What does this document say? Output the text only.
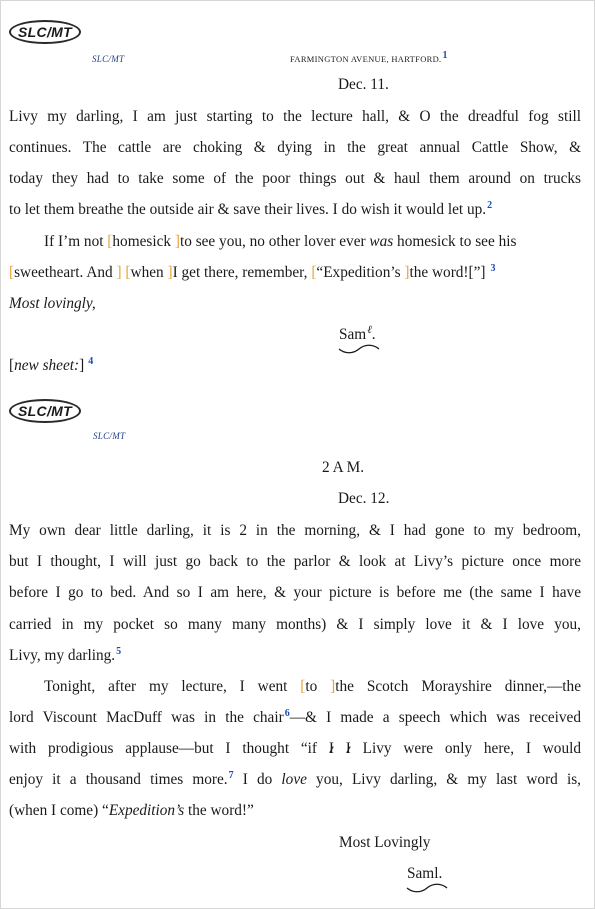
SLC/MT
SLC/MT	FARMINGTON AVENUE, HARTFORD.1
Dec. 11.
Livy my darling, I am just starting to the lecture hall, & O the dreadful fog still
continues. The cattle are choking & dying in the great annual Cattle Show, &
today they had to take some of the poor things out & haul them around on trucks
to let them breathe the outside air & save their lives. I do wish it would let up.$^2$
If I’m not [homesick ]to see you, no other lover ever was homesick to see his
[sweetheart. And ] [when ]I get there, remember, [“Expedition’s ]the word![”] $^3$
Most lovingly,
Sam$^\ell$.
[new sheet:] $^4$
SLC/MT
SLC/MT
2 A M.
Dec. 12.
My own dear little darling, it is 2 in the morning, & I had gone to my bedroom,
but I thought, I will just go back to the parlor & look at Livy’s picture once more
before I go to bed. And so I am here, & your picture is before me (the same I have
carried in my pocket so many many months) & I simply love it & I love you,
Livy, my darling.$^5$
Tonight, after my lecture, I went [to ]the Scotch Morayshire dinner,—the
lord Viscount MacDuff was in the chair$^6$—& I made a speech which was received
with prodigious applause—but I thought “if I I Livy were only here, I would
enjoy it a thousand times more.$^7$ I do love you, Livy darling, & my last word is,
(when I come) “Expedition’s the word!”
Most Lovingly
Saml.
